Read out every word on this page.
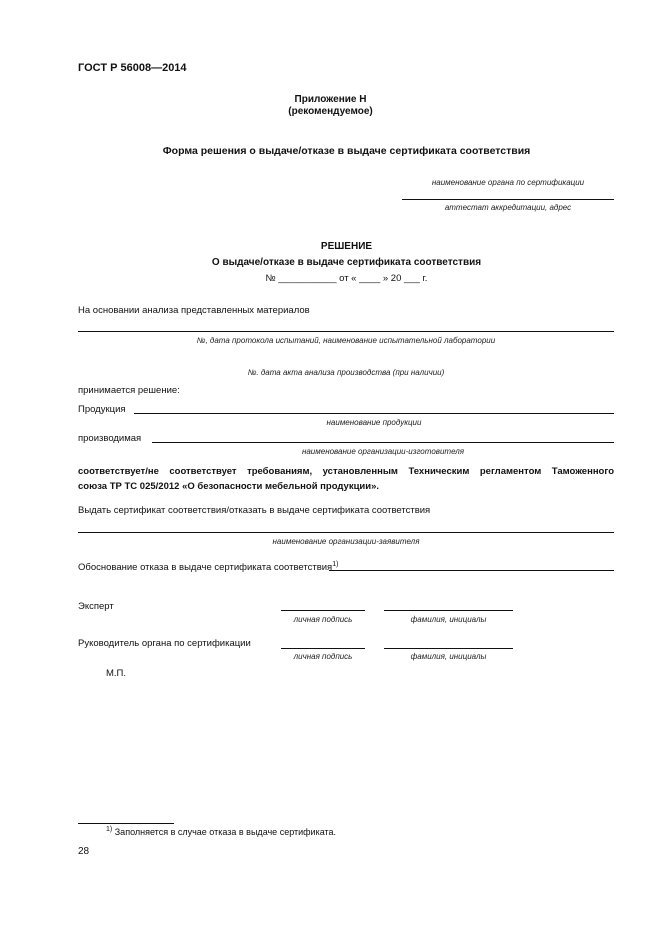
ГОСТ Р 56008—2014
Приложение Н
(рекомендуемое)
Форма решения о выдаче/отказе в выдаче сертификата соответствия
наименование органа по сертификации
аттестат аккредитации, адрес
РЕШЕНИЕ
О выдаче/отказе в выдаче сертификата соответствия
№ ___________ от « ____ » 20 ___ г.
На основании анализа представленных материалов
№, дата протокола испытаний, наименование испытательной лаборатории
№. дата акта анализа производства (при наличии)
принимается решение:
Продукция
наименование продукции
производимая
наименование организации-изготовителя
соответствует/не соответствует требованиям, установленным Техническим регламентом Таможенного
союза ТР ТС 025/2012 «О безопасности мебельной продукции».
Выдать сертификат соответствия/отказать в выдаче сертификата соответствия
наименование организации-заявителя
Обоснование отказа в выдаче сертификата соответствия$^{1)}$
Эксперт
личная подпись	фамилия, инициалы
Руководитель органа по сертификации
личная подпись	фамилия, инициалы
М.П.
$^{1)}$ Заполняется в случае отказа в выдаче сертификата.
28
